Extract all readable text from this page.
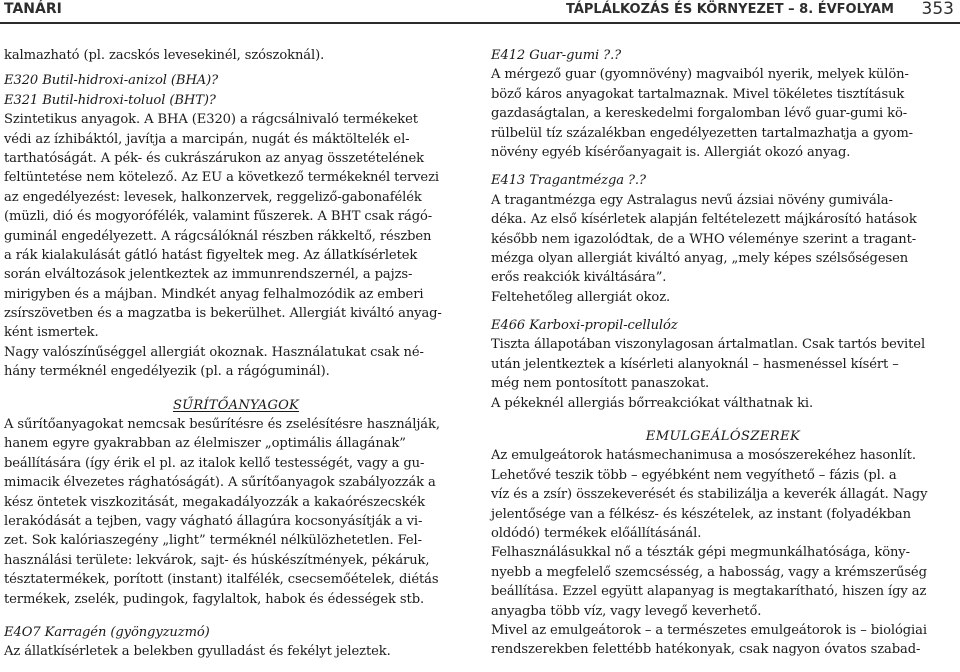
TANÁRI	TÁPLÁLKOZÁS ÉS KÖRNYEZET – 8. ÉVFOLYAM 353
kalmazható (pl. zacskós levesekinél, szószoknál).
E320 Butil-hidroxi-anizol (BHA)?
E321 Butil-hidroxi-toluol (BHT)?
Szintetikus anyagok. A BHA (E320) a rágcsálnivaló termékeket
védi az ízhibáktól, javítja a marcipán, nugát és máktöltelék el-
tarthatóságát. A pék- és cukrászárukon az anyag összetételének
feltüntetése nem kötelező. Az EU a következő termékeknél tervezi
az engedélyezést: levesek, halkonzervek, reggeliző-gabonafélék
(müzli, dió és mogyorófélék, valamint fűszerek. A BHT csak rágó-
guminál engedélyezett. A rágcsálóknál részben rákkeltő, részben
a rák kialakulását gátló hatást figyeltek meg. Az állatkísérletek
során elváltozások jelentkeztek az immunrendszernél, a pajzs-
mirigyben és a májban. Mindkét anyag felhalmozódik az emberi
zsírszövetben és a magzatba is bekerülhet. Allergiát kiváltó anyag-
ként ismertek.
Nagy valószínűséggel allergiát okoznak. Használatukat csak né-
hány terméknél engedélyezik (pl. a rágóguminál).
SŰRÍTŐANYAGOK
A sűrítőanyagokat nemcsak besűrítésre és zselésítésre használják,
hanem egyre gyakrabban az élelmiszer „optimális állagának”
beállítására (így érik el pl. az italok kellő testességét, vagy a gu-
mimacik élvezetes rághatóságát). A sűrítőanyagok szabályozzák a
kész öntetek viszkozitását, megakadályozzák a kakaórészecskék
lerakódását a tejben, vagy vágható állagúra kocsonyásítják a vi-
zet. Sok kalóriaszegény „light” terméknél nélkülözhetetlen. Fel-
használási területe: lekvárok, sajt- és húskészítmények, pékáruk,
tésztatermékek, porított (instant) italfélék, csecsemőételek, diétás
termékek, zselék, pudingok, fagylaltok, habok és édességek stb.
E4O7 Karragén (gyöngyzuzmó)
Az állatkísérletek a belekben gyulladást és fekélyt jeleztek.
E412 Guar-gumi ?.?
A mérgező guar (gyomnövény) magvaiból nyerik, melyek külön-
böző káros anyagokat tartalmaznak. Mivel tökéletes tisztításuk
gazdaságtalan, a kereskedelmi forgalomban lévő guar-gumi kö-
rülbelül tíz százalékban engedélyezetten tartalmazhatja a gyom-
növény egyéb kísérőanyagait is. Allergiát okozó anyag.
E413 Tragantmézga ?.?
A tragantmézga egy Astralagus nevű ázsiai növény gumiválа-
déka. Az első kísérletek alapján feltételezett májkárosító hatások
később nem igazolódtak, de a WHO véleménye szerint a tragant-
mézga olyan allergiát kiváltó anyag, „mely képes szélsőségesen
erős reakciók kiváltására”.
Feltehetőleg allergiát okoz.
E466 Karboxi-propil-cellulóz
Tiszta állapotában viszonylagosan ártalmatlan. Csak tartós bevitel
után jelentkeztek a kísérleti alanyoknál – hasmenéssel kísért –
még nem pontosított panaszokat.
A pékeknél allergiás bőrreakciókat válthatnak ki.
EMULGEÁLÓSZEREK
Az emulgeátorok hatásmechanimusa a mosószerekéhez hasonlít.
Lehetővé teszik több – egyébként nem vegyíthető – fázis (pl. a
víz és a zsír) összekeverését és stabilizálja a keverék állagát. Nagy
jelentősége van a félkész- és készételek, az instant (folyadékban
oldódó) termékek előállításánál.
Felhasználásukkal nő a tészták gépi megmunkálhatósága, köny-
nyebb a megfelelő szemcsésség, a habosság, vagy a krémszerűség
beállítása. Ezzel együtt alapanyag is megtakarítható, hiszen így az
anyagba több víz, vagy levegő keverhető.
Mivel az emulgeátorok – a természetes emulgeátorok is – biológiai
rendszerekben felettébb hatékonyak, csak nagyon óvatos szabad-
